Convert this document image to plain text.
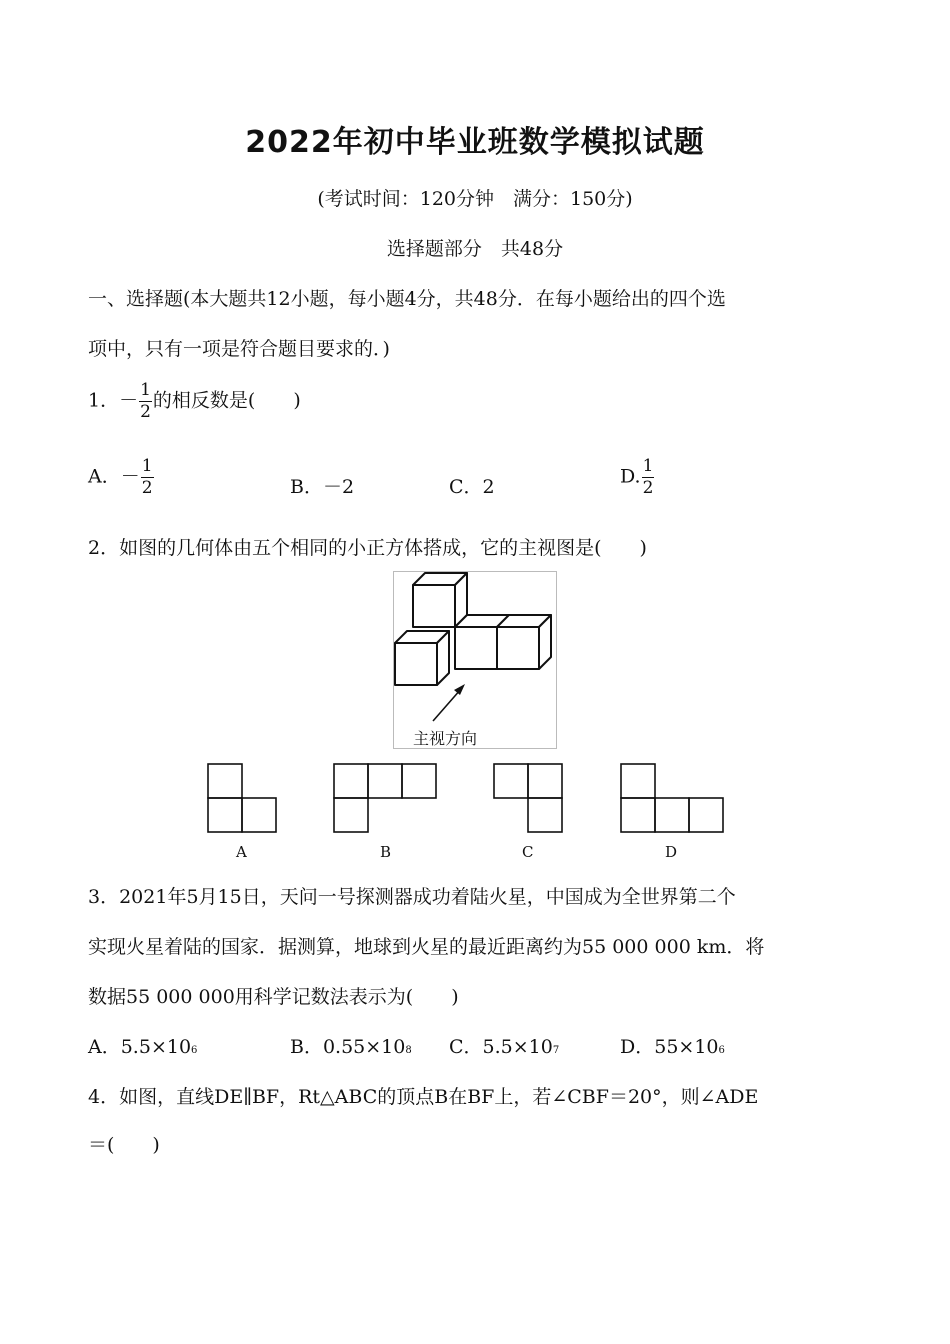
2022年初中毕业班数学模拟试题
(考试时间：120分钟　满分：150分)
选择题部分　共48分
一、选择题(本大题共12小题，每小题4分，共48分．在每小题给出的四个选
项中，只有一项是符合题目要求的．)
1．－ $\frac{1}{2}$ 的相反数是(　　)
A．－ $\frac{1}{2}$	B．－2	C．2	D. $\frac{1}{2}$
2．如图的几何体由五个相同的小正方体搭成，它的主视图是(　　)
主视方向
A	B	C	D
3．2021年5月15日，天问一号探测器成功着陆火星，中国成为全世界第二个
实现火星着陆的国家．据测算，地球到火星的最近距离约为55 000 000 km．将
数据55 000 000用科学记数法表示为(　　)
A．5.5×106	B．0.55×108 C．5.5×107	D．55×106
4．如图，直线DE∥BF，Rt△ABC的顶点B在BF上，若∠CBF＝20°，则∠ADE
＝(　　)
